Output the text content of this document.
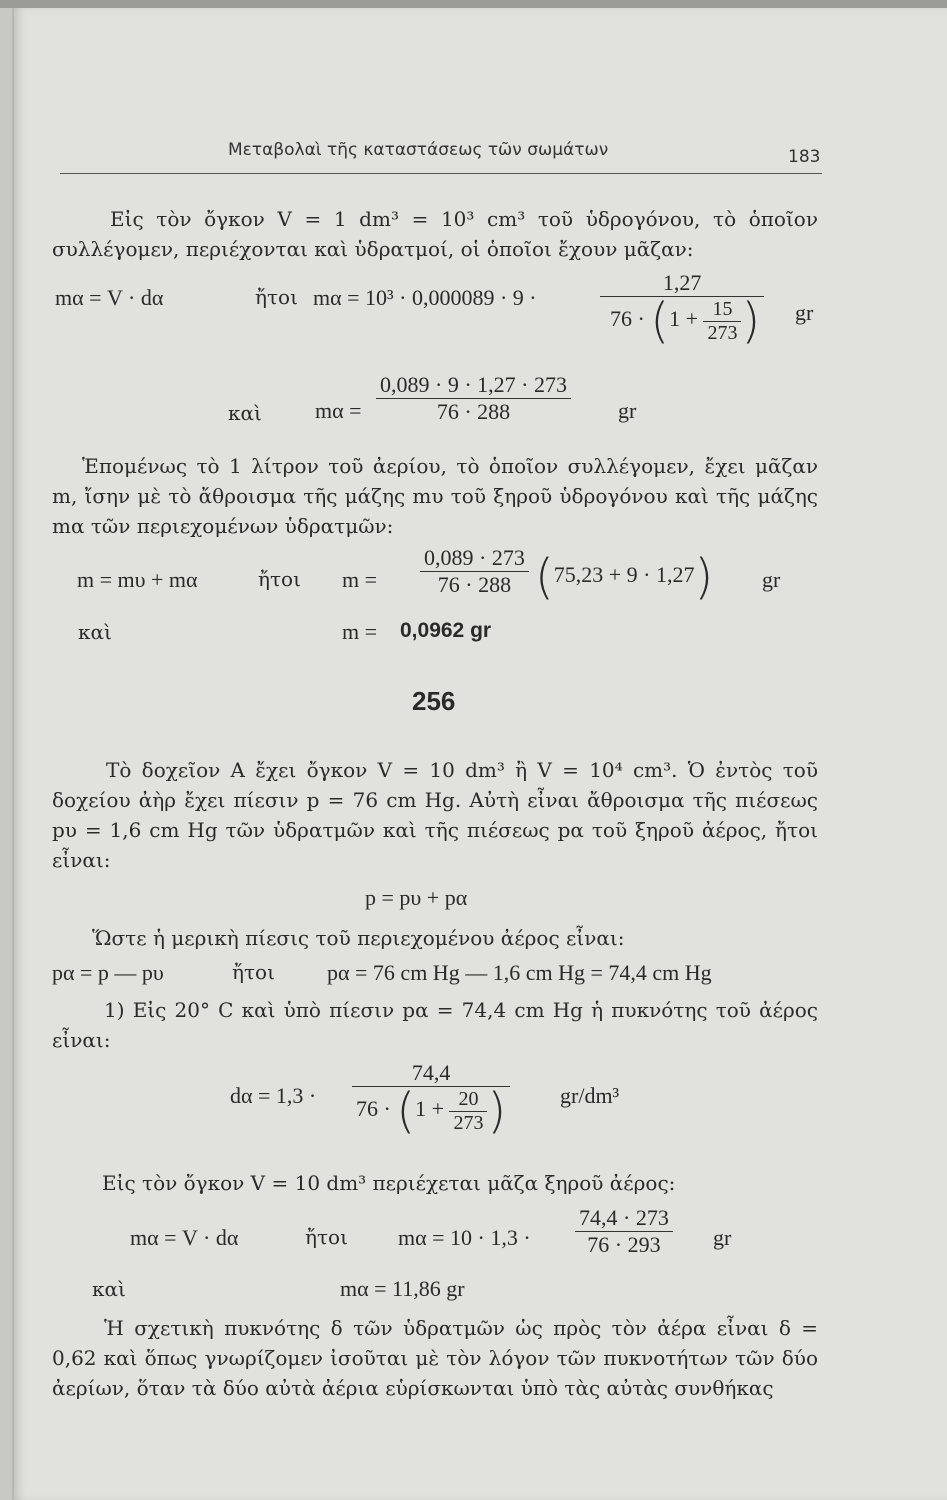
Μεταβολαὶ τῆς καταστάσεως τῶν σωμάτων	183
Εἰς τὸν ὄγκον V = 1 dm³ = 10³ cm³ τοῦ ὑδρογόνου, τὸ ὁποῖον συλλέγομεν, περιέχονται καὶ ὑδρατμοί, οἱ ὁποῖοι ἔχουν μᾶζαν:
mα = V · dα	ἤτοι mα = 10³ · 0,000089 · 9 ·	$\frac{1,27}{76 \cdot (1 + \frac{15}{273} )}$ gr
καὶ $m\alpha = \frac{0,089 \cdot 9 \cdot 1,27 \cdot 273}{76 \cdot 288}$ gr
Ἑπομένως τὸ 1 λίτρον τοῦ ἀερίου, τὸ ὁποῖον συλλέγομεν, ἔχει μᾶζαν m, ἴσην μὲ τὸ ἄθροισμα τῆς μάζης mυ τοῦ ξηροῦ ὑδρογόνου καὶ τῆς μάζης mα τῶν περιεχομένων ὑδρατμῶν:
m = mυ + mα	ἤτοι $m = \frac{0,089 \cdot 273}{76 \cdot 288} (75,23 + 9 \cdot 1,27)$ gr
καὶ	m = 0,0962 gr
256
Τὸ δοχεῖον A ἔχει ὄγκον V = 10 dm³ ἢ V = 10⁴ cm³. Ὁ ἐντὸς τοῦ δοχείου ἀὴρ ἔχει πίεσιν p = 76 cm Hg. Αὐτὴ εἶναι ἄθροισμα τῆς πιέσεως pυ = 1,6 cm Hg τῶν ὑδρατμῶν καὶ τῆς πιέσεως pα τοῦ ξηροῦ ἀέρος, ἤτοι εἶναι:
p = pυ + pα
Ὥστε ἡ μερικὴ πίεσις τοῦ περιεχομένου ἀέρος εἶναι:
pα = p — pυ	ἤτοι pα = 76 cm Hg — 1,6 cm Hg = 74,4 cm Hg
1) Εἰς 20° C καὶ ὑπὸ πίεσιν pα = 74,4 cm Hg ἡ πυκνότης τοῦ ἀέρος εἶναι:
$d\alpha = 1,3 \cdot \frac{74,4}{76 \cdot (1 + \frac{20}{273} )} gr/dm^3$
Εἰς τὸν ὄγκον V = 10 dm³ περιέχεται μᾶζα ξηροῦ ἀέρος:
mα = V · dα	ἤτοι $m\alpha = 10 \cdot 1,3 \cdot \frac{74,4 \cdot 273}{76 \cdot 293}$ gr
καὶ	mα = 11,86 gr
Ἡ σχετικὴ πυκνότης δ τῶν ὑδρατμῶν ὡς πρὸς τὸν ἀέρα εἶναι δ = 0,62 καὶ ὅπως γνωρίζομεν ἰσοῦται μὲ τὸν λόγον τῶν πυκνοτήτων τῶν δύο ἀερίων, ὅταν τὰ δύο αὐτὰ ἀέρια εὑρίσκωνται ὑπὸ τὰς αὐτὰς συνθήκας
